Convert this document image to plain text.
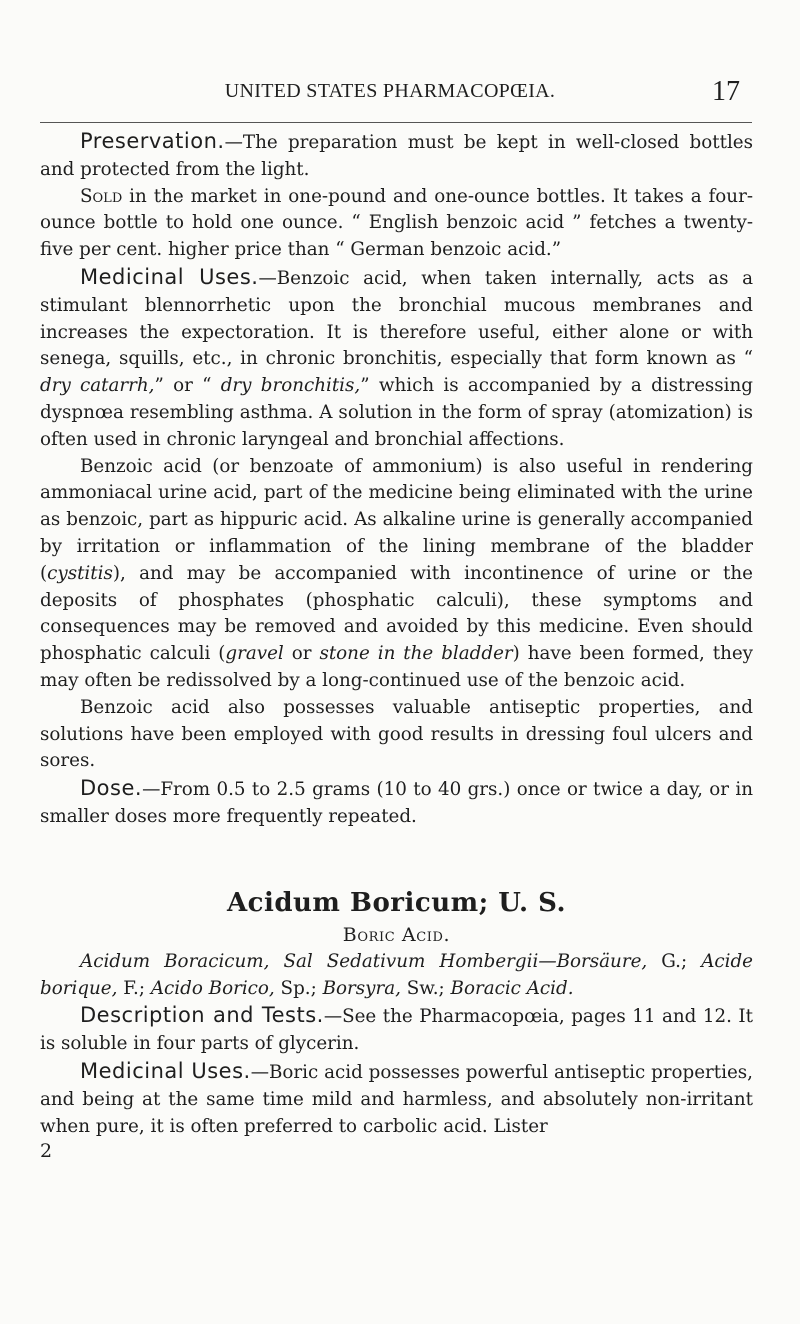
UNITED STATES PHARMACOPŒIA.	17

Preservation.—The preparation must be kept in well-closed bottles and protected from the light.

Sold in the market in one-pound and one-ounce bottles. It takes a four-ounce bottle to hold one ounce. “ English benzoic acid ” fetches a twenty-five per cent. higher price than “ German benzoic acid.”

Medicinal Uses.—Benzoic acid, when taken internally, acts as a stimulant blennorrhetic upon the bronchial mucous membranes and increases the expectoration. It is therefore useful, either alone or with senega, squills, etc., in chronic bronchitis, especially that form known as “ dry catarrh,” or “ dry bronchitis,” which is accompanied by a distressing dyspnœa resembling asthma. A solution in the form of spray (atomization) is often used in chronic laryngeal and bronchial affections.

Benzoic acid (or benzoate of ammonium) is also useful in rendering ammoniacal urine acid, part of the medicine being eliminated with the urine as benzoic, part as hippuric acid. As alkaline urine is generally accompanied by irritation or inflammation of the lining membrane of the bladder (cystitis), and may be accompanied with incontinence of urine or the deposits of phosphates (phosphatic calculi), these symptoms and consequences may be removed and avoided by this medicine. Even should phosphatic calculi (gravel or stone in the bladder) have been formed, they may often be redissolved by a long-continued use of the benzoic acid.

Benzoic acid also possesses valuable antiseptic properties, and solutions have been employed with good results in dressing foul ulcers and sores.

Dose.—From 0.5 to 2.5 grams (10 to 40 grs.) once or twice a day, or in smaller doses more frequently repeated.

Acidum Boricum; U. S.
Boric Acid.

Acidum Boracicum, Sal Sedativum Hombergii—Borsäure, G.; Acide borique, F.; Acido Borico, Sp.; Borsyra, Sw.; Boracic Acid.

Description and Tests.—See the Pharmacopœia, pages 11 and 12. It is soluble in four parts of glycerin.

Medicinal Uses.—Boric acid possesses powerful antiseptic properties, and being at the same time mild and harmless, and absolutely non-irritant when pure, it is often preferred to carbolic acid. Lister

2
